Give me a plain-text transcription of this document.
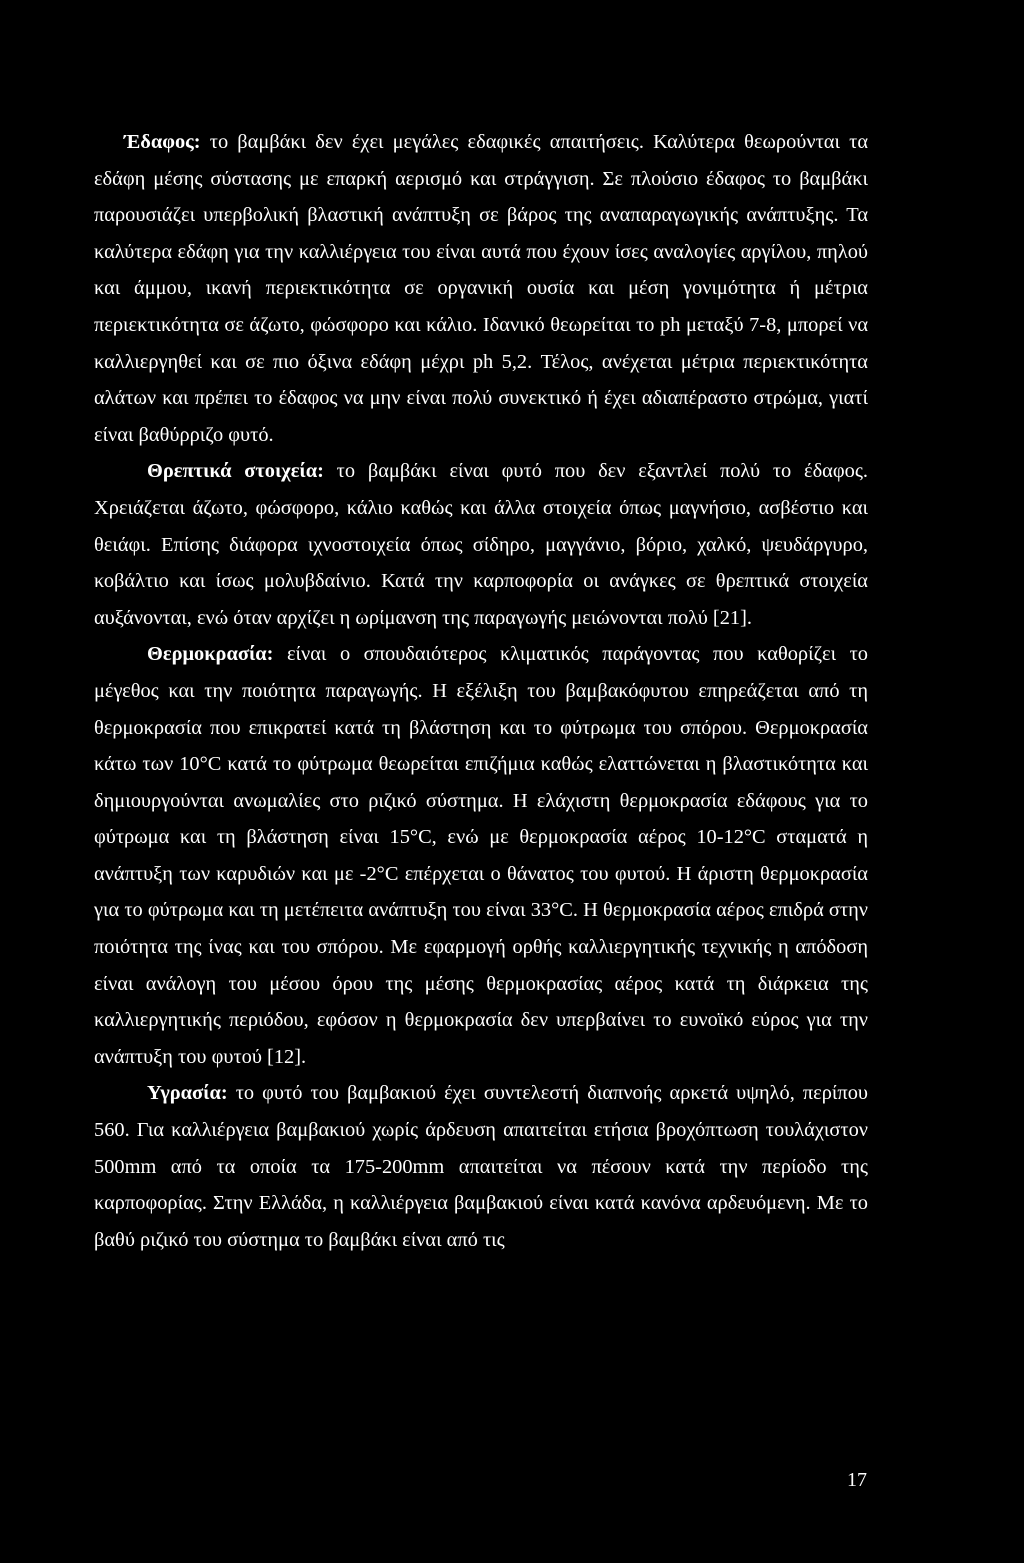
Έδαφος: το βαμβάκι δεν έχει μεγάλες εδαφικές απαιτήσεις. Καλύτερα θεωρούνται τα εδάφη μέσης σύστασης με επαρκή αερισμό και στράγγιση. Σε πλούσιο έδαφος το βαμβάκι παρουσιάζει υπερβολική βλαστική ανάπτυξη σε βάρος της αναπαραγωγικής ανάπτυξης. Τα καλύτερα εδάφη για την καλλιέργεια του είναι αυτά που έχουν ίσες αναλογίες αργίλου, πηλού και άμμου, ικανή περιεκτικότητα σε οργανική ουσία και μέση γονιμότητα ή μέτρια περιεκτικότητα σε άζωτο, φώσφορο και κάλιο. Ιδανικό θεωρείται το ph μεταξύ 7-8, μπορεί να καλλιεργηθεί και σε πιο όξινα εδάφη μέχρι ph 5,2. Τέλος, ανέχεται μέτρια περιεκτικότητα αλάτων και πρέπει το έδαφος να μην είναι πολύ συνεκτικό ή έχει αδιαπέραστο στρώμα, γιατί είναι βαθύρριζο φυτό.

Θρεπτικά στοιχεία: το βαμβάκι είναι φυτό που δεν εξαντλεί πολύ το έδαφος. Χρειάζεται άζωτο, φώσφορο, κάλιο καθώς και άλλα στοιχεία όπως μαγνήσιο, ασβέστιο και θειάφι. Επίσης διάφορα ιχνοστοιχεία όπως σίδηρο, μαγγάνιο, βόριο, χαλκό, ψευδάργυρο, κοβάλτιο και ίσως μολυβδαίνιο. Κατά την καρποφορία οι ανάγκες σε θρεπτικά στοιχεία αυξάνονται, ενώ όταν αρχίζει η ωρίμανση της παραγωγής μειώνονται πολύ [21].

Θερμοκρασία: είναι ο σπουδαιότερος κλιματικός παράγοντας που καθορίζει το μέγεθος και την ποιότητα παραγωγής. Η εξέλιξη του βαμβακόφυτου επηρεάζεται από τη θερμοκρασία που επικρατεί κατά τη βλάστηση και το φύτρωμα του σπόρου. Θερμοκρασία κάτω των 10°C κατά το φύτρωμα θεωρείται επιζήμια καθώς ελαττώνεται η βλαστικότητα και δημιουργούνται ανωμαλίες στο ριζικό σύστημα. Η ελάχιστη θερμοκρασία εδάφους για το φύτρωμα και τη βλάστηση είναι 15°C, ενώ με θερμοκρασία αέρος 10-12°C σταματά η ανάπτυξη των καρυδιών και με -2°C επέρχεται ο θάνατος του φυτού. Η άριστη θερμοκρασία για το φύτρωμα και τη μετέπειτα ανάπτυξη του είναι 33°C. Η θερμοκρασία αέρος επιδρά στην ποιότητα της ίνας και του σπόρου. Με εφαρμογή ορθής καλλιεργητικής τεχνικής η απόδοση είναι ανάλογη του μέσου όρου της μέσης θερμοκρασίας αέρος κατά τη διάρκεια της καλλιεργητικής περιόδου, εφόσον η θερμοκρασία δεν υπερβαίνει το ευνοϊκό εύρος για την ανάπτυξη του φυτού [12].

Υγρασία: το φυτό του βαμβακιού έχει συντελεστή διαπνοής αρκετά υψηλό, περίπου 560. Για καλλιέργεια βαμβακιού χωρίς άρδευση απαιτείται ετήσια βροχόπτωση τουλάχιστον 500mm από τα οποία τα 175-200mm απαιτείται να πέσουν κατά την περίοδο της καρποφορίας. Στην Ελλάδα, η καλλιέργεια βαμβακιού είναι κατά κανόνα αρδευόμενη. Με το βαθύ ριζικό του σύστημα το βαμβάκι είναι από τις

17
